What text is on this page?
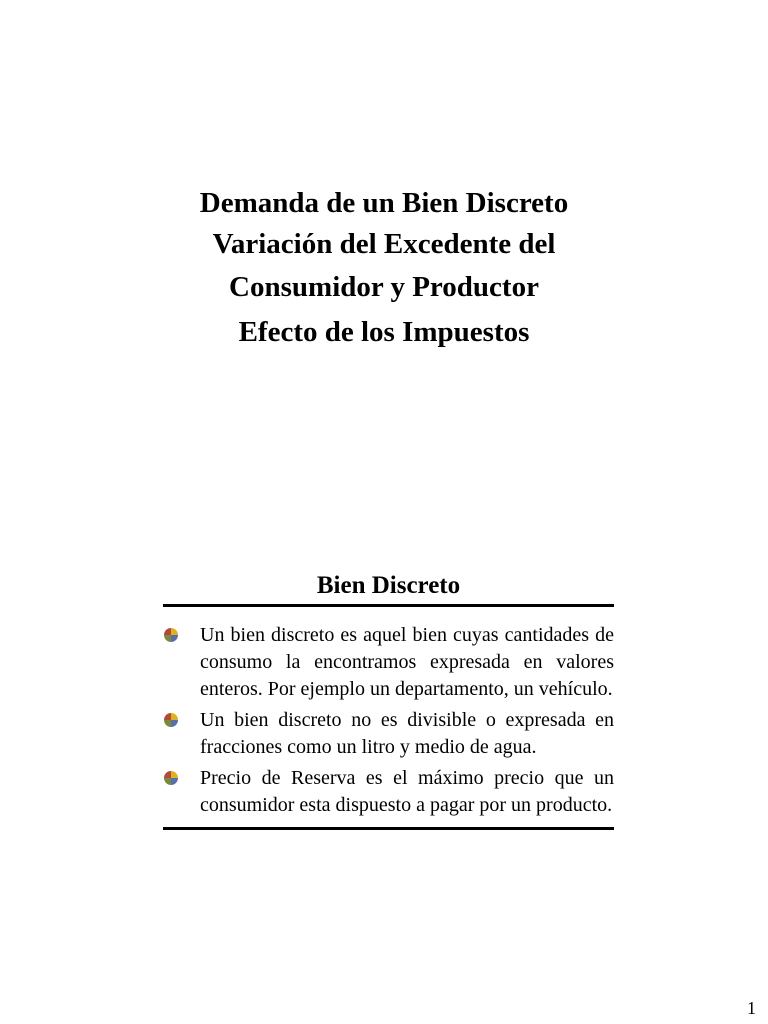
Demanda de un Bien Discreto

Variación del Excedente del

Consumidor y Productor

Efecto de los Impuestos

Bien Discreto

Un bien discreto es aquel bien cuyas cantidades de consumo la encontramos expresada en valores enteros. Por ejemplo un departamento, un vehículo.
Un bien discreto no es divisible o expresada en fracciones como un litro y medio de agua.
Precio de Reserva es el máximo precio que un consumidor esta dispuesto a pagar por un producto.
1
